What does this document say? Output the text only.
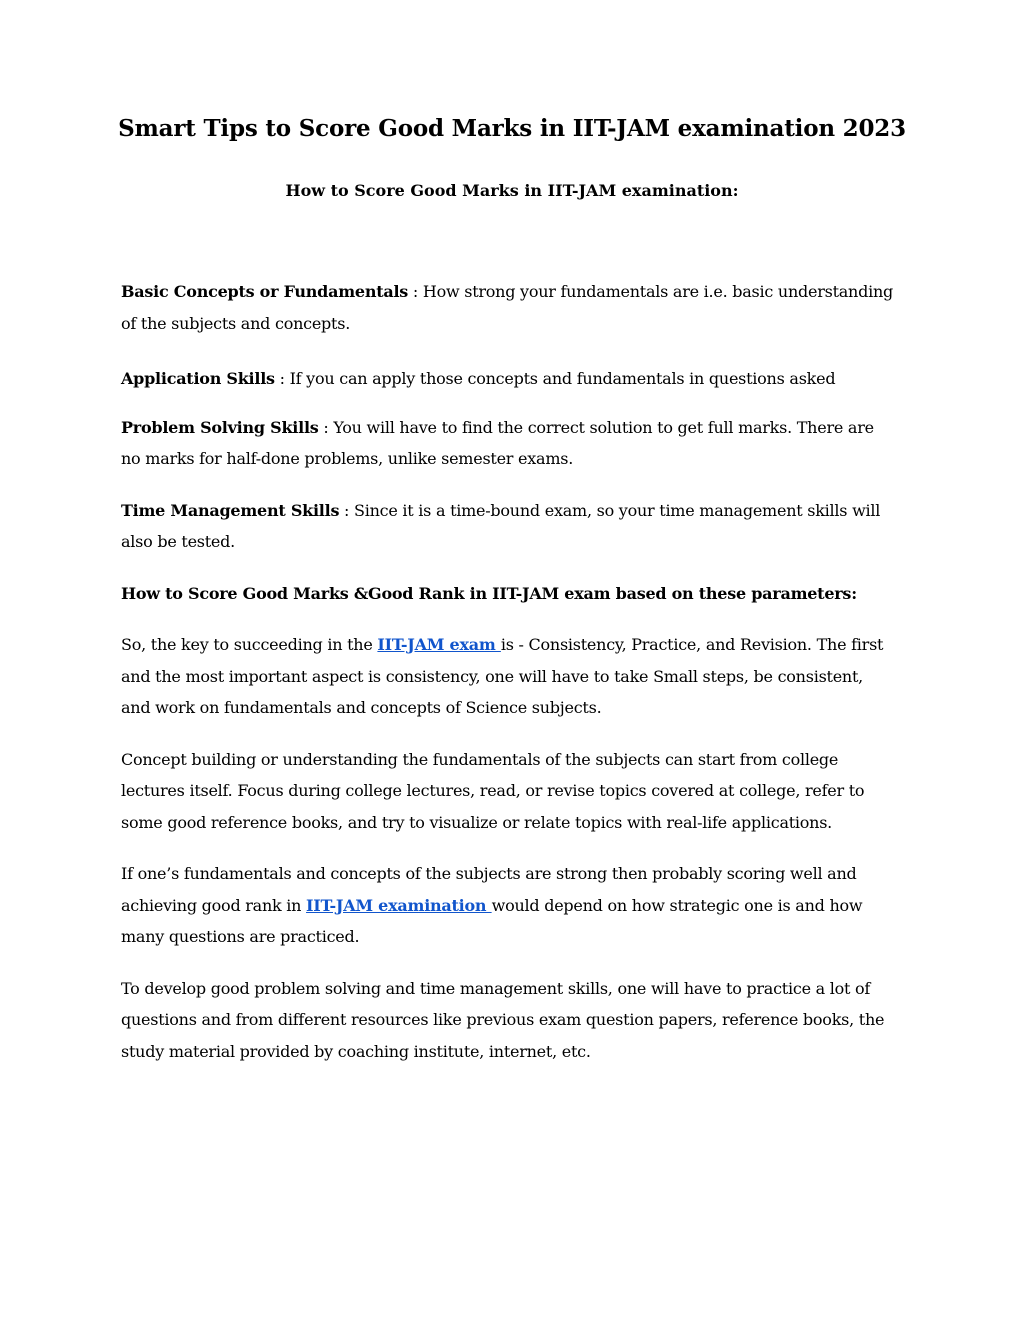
Smart Tips to Score Good Marks in IIT-JAM examination 2023
How to Score Good Marks in IIT-JAM examination:

Basic Concepts or Fundamentals : How strong your fundamentals are i.e. basic understanding of the subjects and concepts.

Application Skills : If you can apply those concepts and fundamentals in questions asked

Problem Solving Skills : You will have to find the correct solution to get full marks. There are no marks for half-done problems, unlike semester exams.

Time Management Skills : Since it is a time-bound exam, so your time management skills will also be tested.

How to Score Good Marks &Good Rank in IIT-JAM exam based on these parameters:

So, the key to succeeding in the IIT-JAM exam is - Consistency, Practice, and Revision. The first and the most important aspect is consistency, one will have to take Small steps, be consistent, and work on fundamentals and concepts of Science subjects.

Concept building or understanding the fundamentals of the subjects can start from college lectures itself. Focus during college lectures, read, or revise topics covered at college, refer to some good reference books, and try to visualize or relate topics with real-life applications.

If one’s fundamentals and concepts of the subjects are strong then probably scoring well and achieving good rank in IIT-JAM examination would depend on how strategic one is and how many questions are practiced.

To develop good problem solving and time management skills, one will have to practice a lot of questions and from different resources like previous exam question papers, reference books, the study material provided by coaching institute, internet, etc.
